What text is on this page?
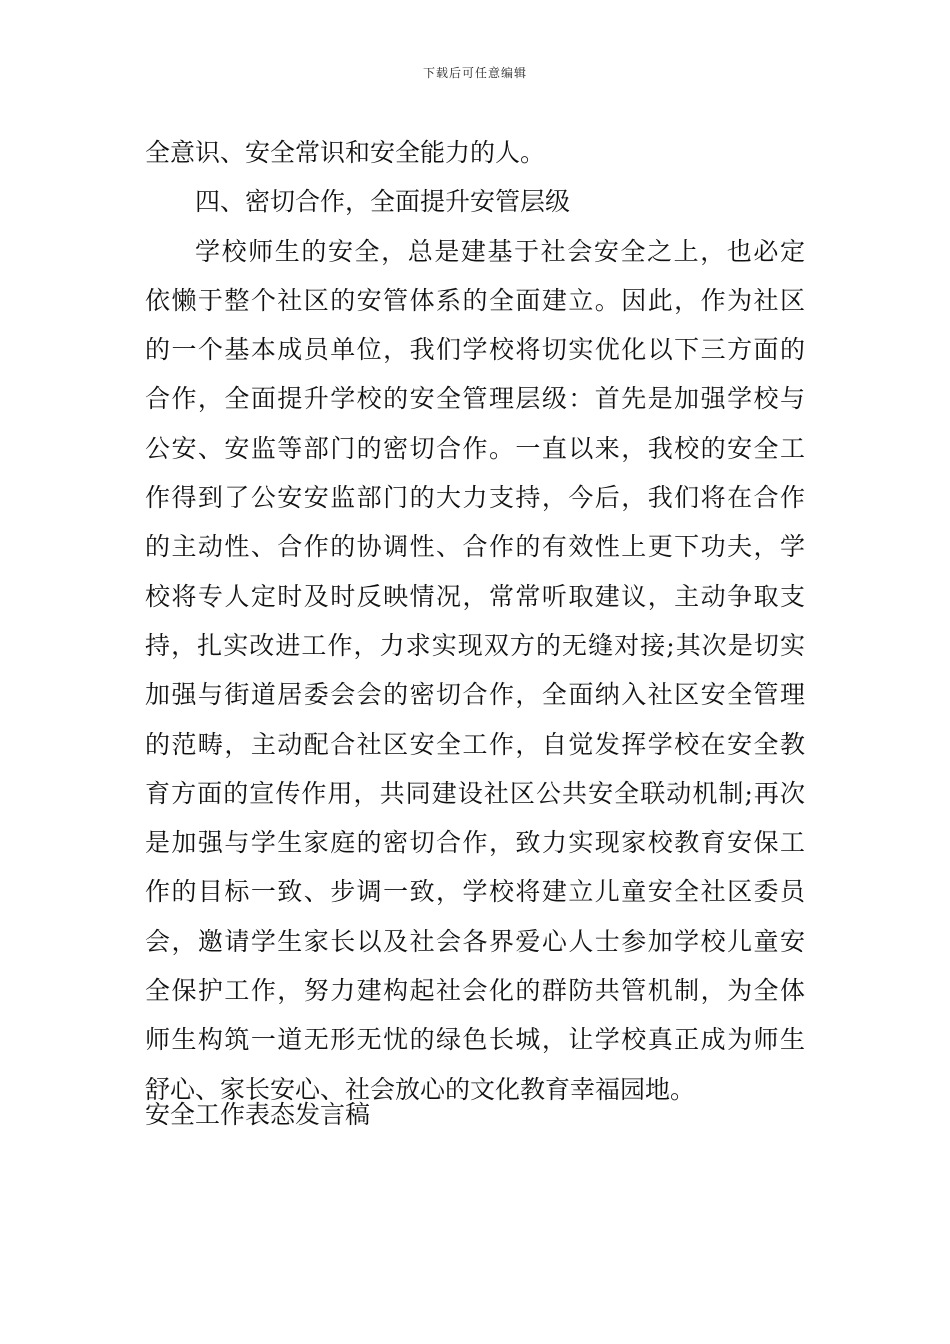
下载后可任意编辑
全意识、安全常识和安全能力的人。
四、密切合作，全面提升安管层级
学校师生的安全，总是建基于社会安全之上，也必定
依懒于整个社区的安管体系的全面建立。因此，作为社区
的一个基本成员单位，我们学校将切实优化以下三方面的
合作，全面提升学校的安全管理层级：首先是加强学校与
公安、安监等部门的密切合作。一直以来，我校的安全工
作得到了公安安监部门的大力支持，今后，我们将在合作
的主动性、合作的协调性、合作的有效性上更下功夫，学
校将专人定时及时反映情况，常常听取建议，主动争取支
持，扎实改进工作，力求实现双方的无缝对接;其次是切实
加强与街道居委会会的密切合作，全面纳入社区安全管理
的范畴，主动配合社区安全工作，自觉发挥学校在安全教
育方面的宣传作用，共同建设社区公共安全联动机制;再次
是加强与学生家庭的密切合作，致力实现家校教育安保工
作的目标一致、步调一致，学校将建立儿童安全社区委员
会，邀请学生家长以及社会各界爱心人士参加学校儿童安
全保护工作，努力建构起社会化的群防共管机制，为全体
师生构筑一道无形无忧的绿色长城，让学校真正成为师生
舒心、家长安心、社会放心的文化教育幸福园地。
安全工作表态发言稿
